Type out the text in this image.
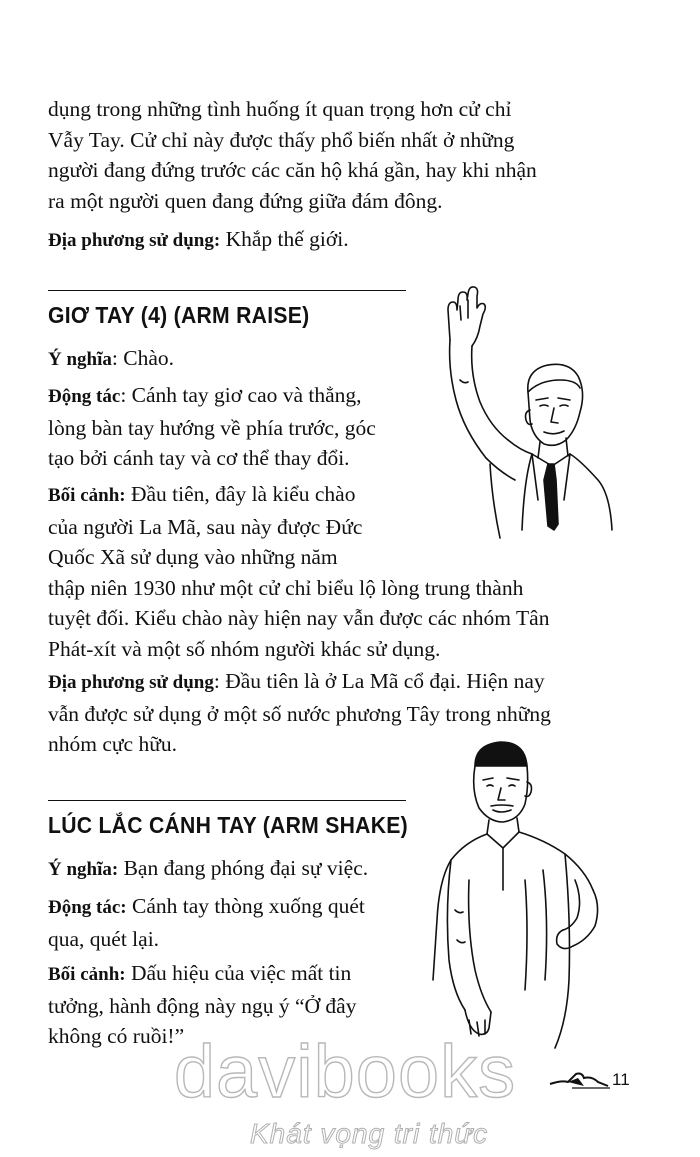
dụng trong những tình huống ít quan trọng hơn cử chỉ
Vẫy Tay. Cử chỉ này được thấy phổ biến nhất ở những
người đang đứng trước các căn hộ khá gần, hay khi nhận
ra một người quen đang đứng giữa đám đông.

Địa phương sử dụng: Khắp thế giới.

GIƠ TAY (4) (ARM RAISE)

Ý nghĩa: Chào.

Động tác: Cánh tay giơ cao và thẳng,
lòng bàn tay hướng về phía trước, góc
tạo bởi cánh tay và cơ thể thay đổi.

Bối cảnh: Đầu tiên, đây là kiểu chào
của người La Mã, sau này được Đức
Quốc Xã sử dụng vào những năm
thập niên 1930 như một cử chỉ biểu lộ lòng trung thành
tuyệt đối. Kiểu chào này hiện nay vẫn được các nhóm Tân
Phát-xít và một số nhóm người khác sử dụng.

Địa phương sử dụng: Đầu tiên là ở La Mã cổ đại. Hiện nay
vẫn được sử dụng ở một số nước phương Tây trong những
nhóm cực hữu.

LÚC LẮC CÁNH TAY (ARM SHAKE)

Ý nghĩa: Bạn đang phóng đại sự việc.

Động tác: Cánh tay thòng xuống quét
qua, quét lại.

Bối cảnh: Dấu hiệu của việc mất tin
tưởng, hành động này ngụ ý “Ở đây
không có ruồi!”

11
davibooks
Khát vọng tri thức
